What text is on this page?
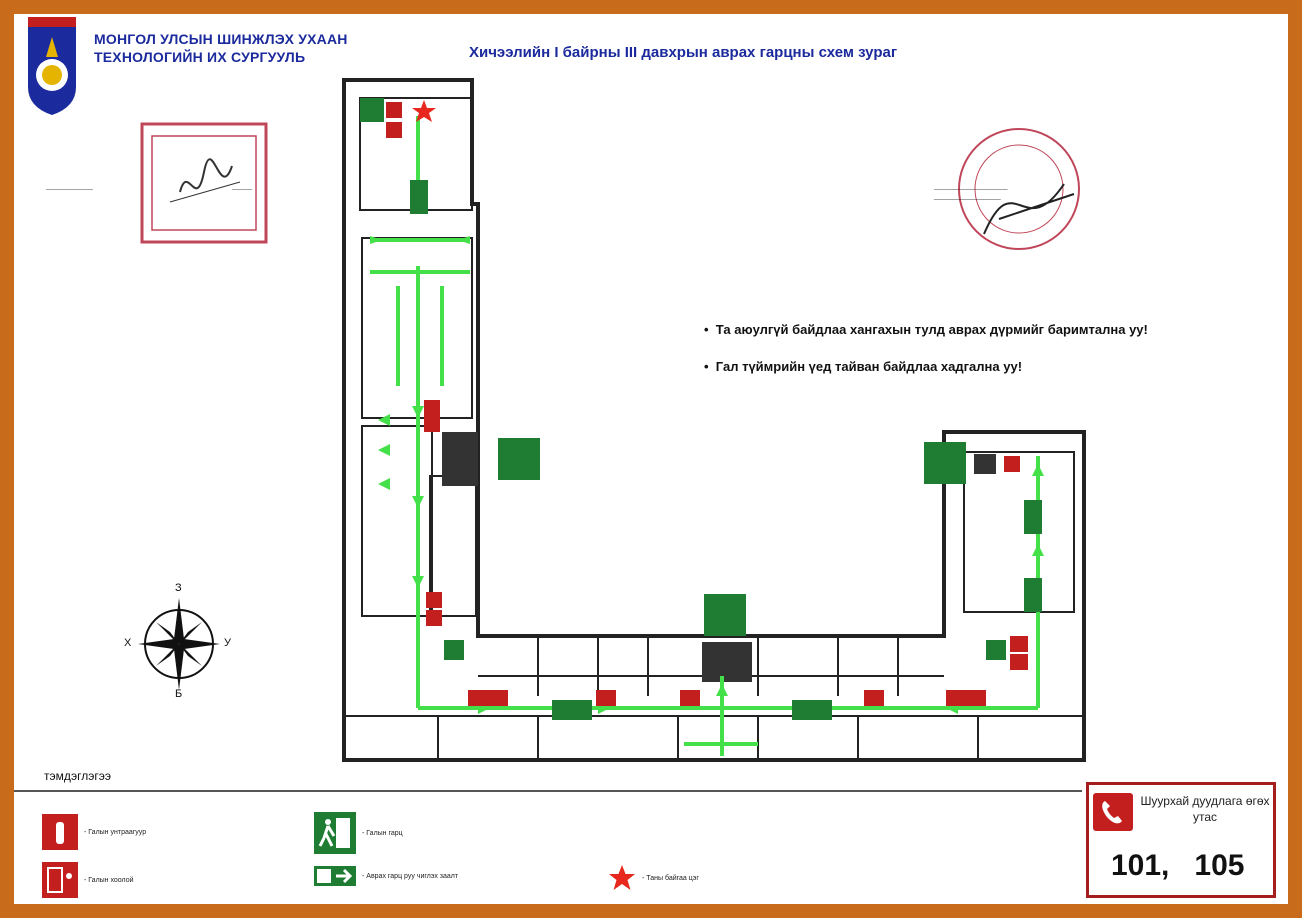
МОНГОЛ УЛСЫН ШИНЖЛЭХ УХААН
ТЕХНОЛОГИЙН ИХ СУРГУУЛЬ	Хичээлийн I байрны III давхрын аврах гарцны схем зураг
______________	______	______________________
____________________
•  Та аюулгүй байдлаа хангахын тулд аврах дүрмийг баримтална уу!
•  Гал түймрийн үед тайван байдлаа хадгална уу!
З
Б
Х	У
тэмдэглэгээ
- Галын унтраагуур
- Галын хоолой
- Галын гарц
- Аврах гарц руу чиглэх заалт	- Таны байгаа цэг
Шуурхай дуудлага өгөх утас
101,   105
